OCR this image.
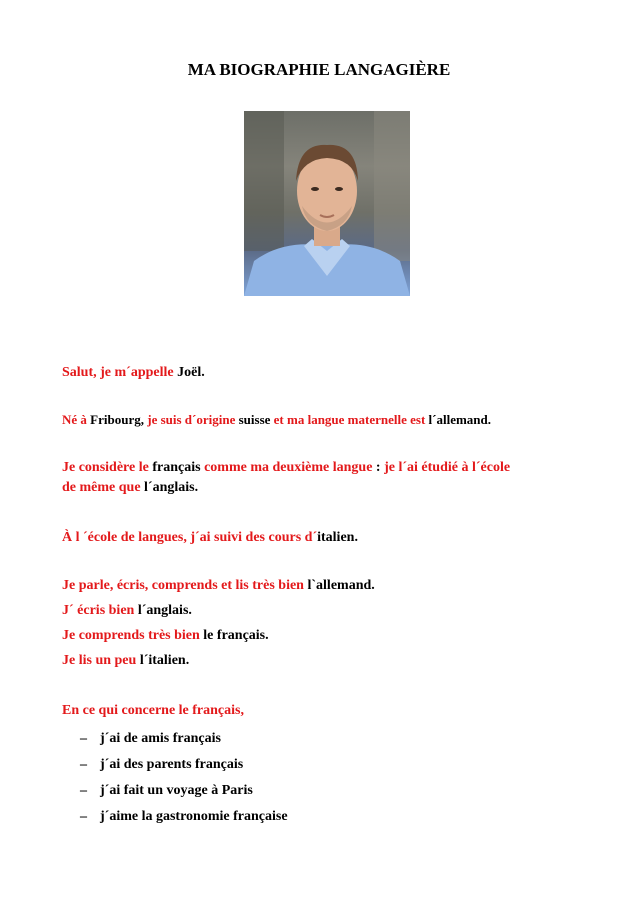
MA BIOGRAPHIE LANGAGIÈRE
Salut, je m´appelle Joël.
Né à Fribourg, je suis d´origine suisse et ma langue maternelle est l´allemand.
Je considère le français comme ma deuxième langue : je l´ai étudié à l´école
de même que l´anglais.
À l ´école de langues, j´ai suivi des cours d´italien.
Je parle, écris, comprends et lis très bien l`allemand.
J´ écris bien l´anglais.
Je comprends très bien le français.
Je lis un peu l´italien.
En ce qui concerne le français,
– j´ai de amis français
– j´ai des parents français
– j´ai fait un voyage à Paris
– j´aime la gastronomie française
